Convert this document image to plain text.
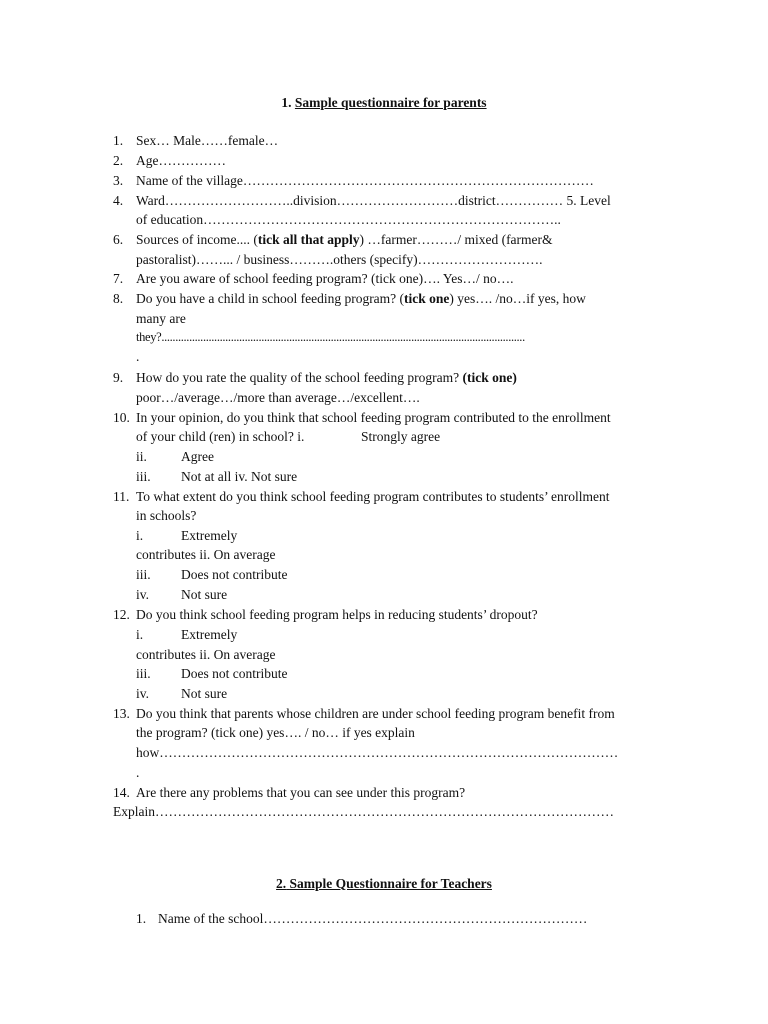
1. Sample questionnaire for parents
1. Sex… Male……female…
2. Age……………
3. Name of the village……………………………………………………………………
4. Ward………………………..division………………………district…………… 5. Level
of education……………………………………………………………………..
6. Sources of income.... (tick all that apply) …farmer………/ mixed (farmer&
pastoralist)……... / business……….others (specify)……………………….
7. Are you aware of school feeding program? (tick one)…. Yes…/ no….
8. Do you have a child in school feeding program? (tick one) yes…. /no…if yes, how
many are
they?...................................................................................................................................
.
9. How do you rate the quality of the school feeding program? (tick one)
poor…/average…/more than average…/excellent….
10. In your opinion, do you think that school feeding program contributed to the enrollment
of your child (ren) in school? i.	Strongly agree
ii.	Agree
iii. Not at all iv. Not sure
11. To what extent do you think school feeding program contributes to students’ enrollment
in schools?
i.	Extremely
contributes ii. On average
iii. Does not contribute
iv. Not sure
12. Do you think school feeding program helps in reducing students’ dropout?
i.	Extremely
contributes ii. On average
iii. Does not contribute
iv. Not sure
13. Do you think that parents whose children are under school feeding program benefit from
the program? (tick one) yes…. / no… if yes explain
how…………………………………………………………………………………………
.
14. Are there any problems that you can see under this program?
Explain…………………………………………………………………………………………
2. Sample Questionnaire for Teachers
1. Name of the school………………………………………………………………
